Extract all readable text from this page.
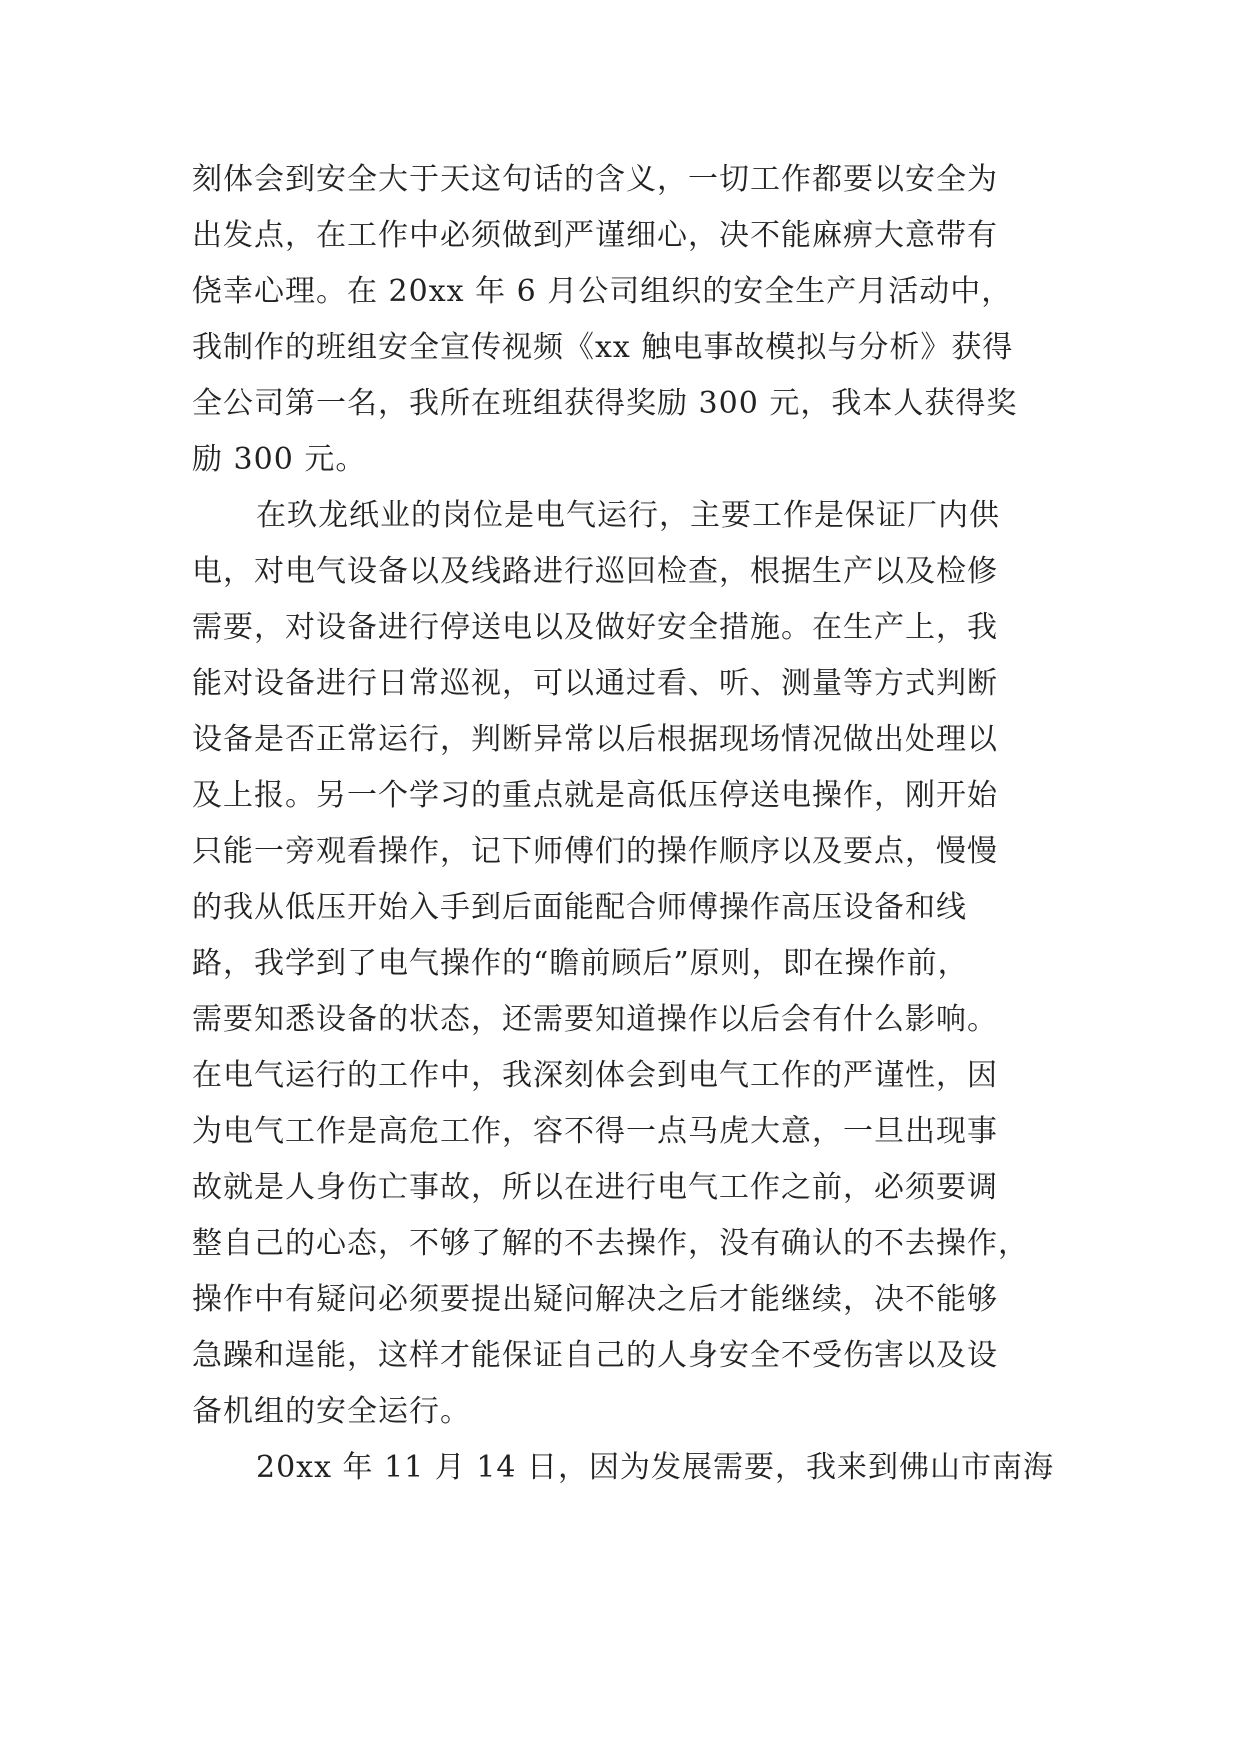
刻体会到安全大于天这句话的含义，一切工作都要以安全为
出发点，在工作中必须做到严谨细心，决不能麻痹大意带有
侥幸心理。在 20xx 年 6 月公司组织的安全生产月活动中，
我制作的班组安全宣传视频《xx 触电事故模拟与分析》获得
全公司第一名，我所在班组获得奖励 300 元，我本人获得奖
励 300 元。
在玖龙纸业的岗位是电气运行，主要工作是保证厂内供
电，对电气设备以及线路进行巡回检查，根据生产以及检修
需要，对设备进行停送电以及做好安全措施。在生产上，我
能对设备进行日常巡视，可以通过看、听、测量等方式判断
设备是否正常运行，判断异常以后根据现场情况做出处理以
及上报。另一个学习的重点就是高低压停送电操作，刚开始
只能一旁观看操作，记下师傅们的操作顺序以及要点，慢慢
的我从低压开始入手到后面能配合师傅操作高压设备和线
路，我学到了电气操作的“瞻前顾后”原则，即在操作前，
需要知悉设备的状态，还需要知道操作以后会有什么影响。
在电气运行的工作中，我深刻体会到电气工作的严谨性，因
为电气工作是高危工作，容不得一点马虎大意，一旦出现事
故就是人身伤亡事故，所以在进行电气工作之前，必须要调
整自己的心态，不够了解的不去操作，没有确认的不去操作，
操作中有疑问必须要提出疑问解决之后才能继续，决不能够
急躁和逞能，这样才能保证自己的人身安全不受伤害以及设
备机组的安全运行。
20xx 年 11 月 14 日，因为发展需要，我来到佛山市南海
